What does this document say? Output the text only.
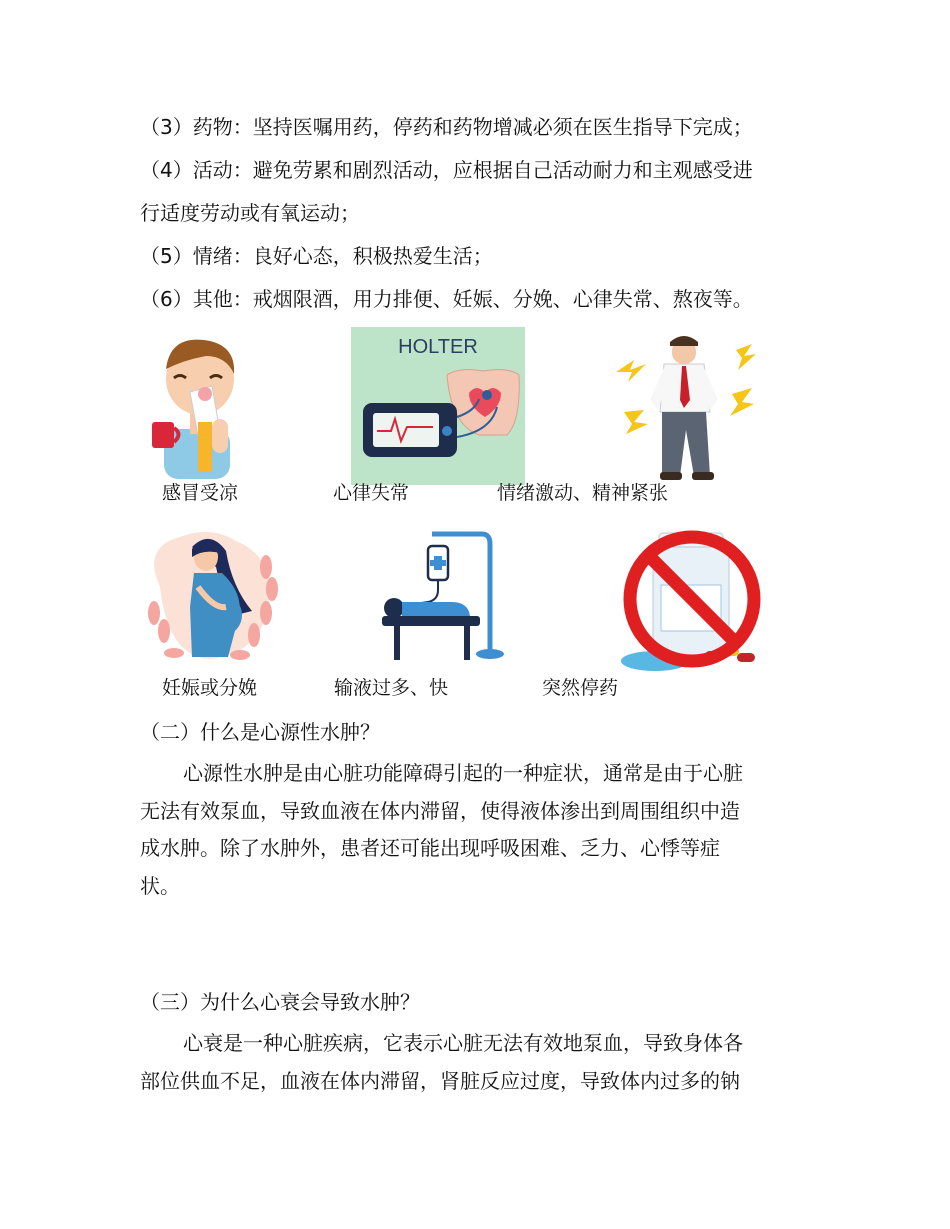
（3）药物：坚持医嘱用药，停药和药物增减必须在医生指导下完成；
（4）活动：避免劳累和剧烈活动，应根据自己活动耐力和主观感受进
行适度劳动或有氧运动；
（5）情绪：良好心态，积极热爱生活；
（6）其他：戒烟限酒，用力排便、妊娠、分娩、心律失常、熬夜等。
HOLTER
感冒受凉	心律失常	情绪激动、精神紧张
妊娠或分娩	输液过多、快	突然停药
（二）什么是心源性水肿？
心源性水肿是由心脏功能障碍引起的一种症状，通常是由于心脏
无法有效泵血，导致血液在体内滞留，使得液体渗出到周围组织中造
成水肿。除了水肿外，患者还可能出现呼吸困难、乏力、心悸等症
状。
（三）为什么心衰会导致水肿？
心衰是一种心脏疾病，它表示心脏无法有效地泵血，导致身体各
部位供血不足，血液在体内滞留，肾脏反应过度，导致体内过多的钠
